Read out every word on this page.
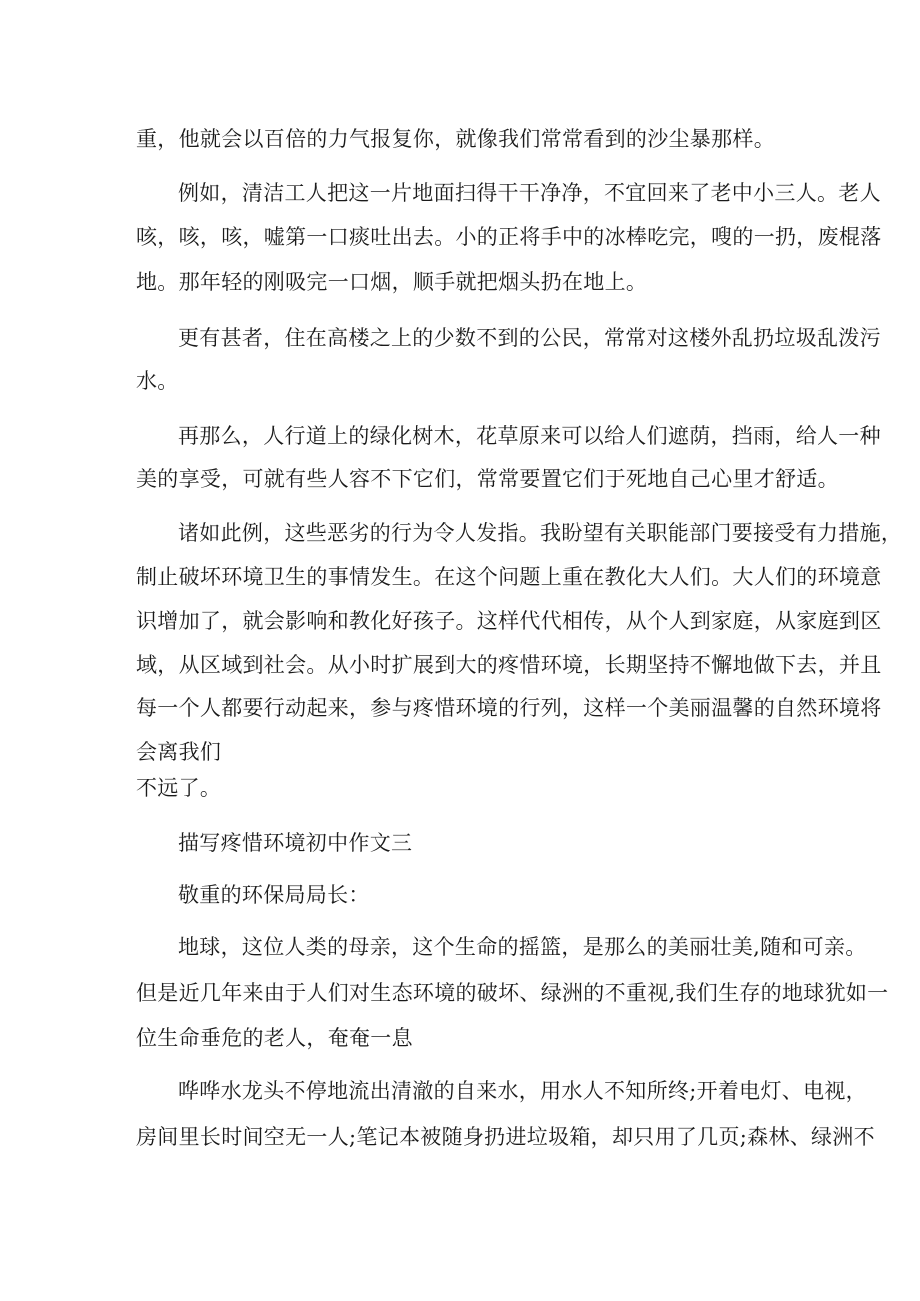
重，他就会以百倍的力气报复你，就像我们常常看到的沙尘暴那样。
例如，清洁工人把这一片地面扫得干干净净，不宜回来了老中小三人。老人
咳，咳，咳，嘘第一口痰吐出去。小的正将手中的冰棒吃完，嗖的一扔，废棍落
地。那年轻的刚吸完一口烟，顺手就把烟头扔在地上。
更有甚者，住在高楼之上的少数不到的公民，常常对这楼外乱扔垃圾乱泼污
水。
再那么，人行道上的绿化树木，花草原来可以给人们遮荫，挡雨，给人一种
美的享受，可就有些人容不下它们，常常要置它们于死地自己心里才舒适。
诸如此例，这些恶劣的行为令人发指。我盼望有关职能部门要接受有力措施，
制止破坏环境卫生的事情发生。在这个问题上重在教化大人们。大人们的环境意
识增加了，就会影响和教化好孩子。这样代代相传，从个人到家庭，从家庭到区
域，从区域到社会。从小时扩展到大的疼惜环境，长期坚持不懈地做下去，并且
每一个人都要行动起来，参与疼惜环境的行列，这样一个美丽温馨的自然环境将
会离我们
不远了。
描写疼惜环境初中作文三
敬重的环保局局长：
地球，这位人类的母亲，这个生命的摇篮，是那么的美丽壮美,随和可亲。
但是近几年来由于人们对生态环境的破坏、绿洲的不重视,我们生存的地球犹如一
位生命垂危的老人，奄奄一息
哗哗水龙头不停地流出清澈的自来水，用水人不知所终;开着电灯、电视，
房间里长时间空无一人;笔记本被随身扔进垃圾箱，却只用了几页;森林、绿洲不
